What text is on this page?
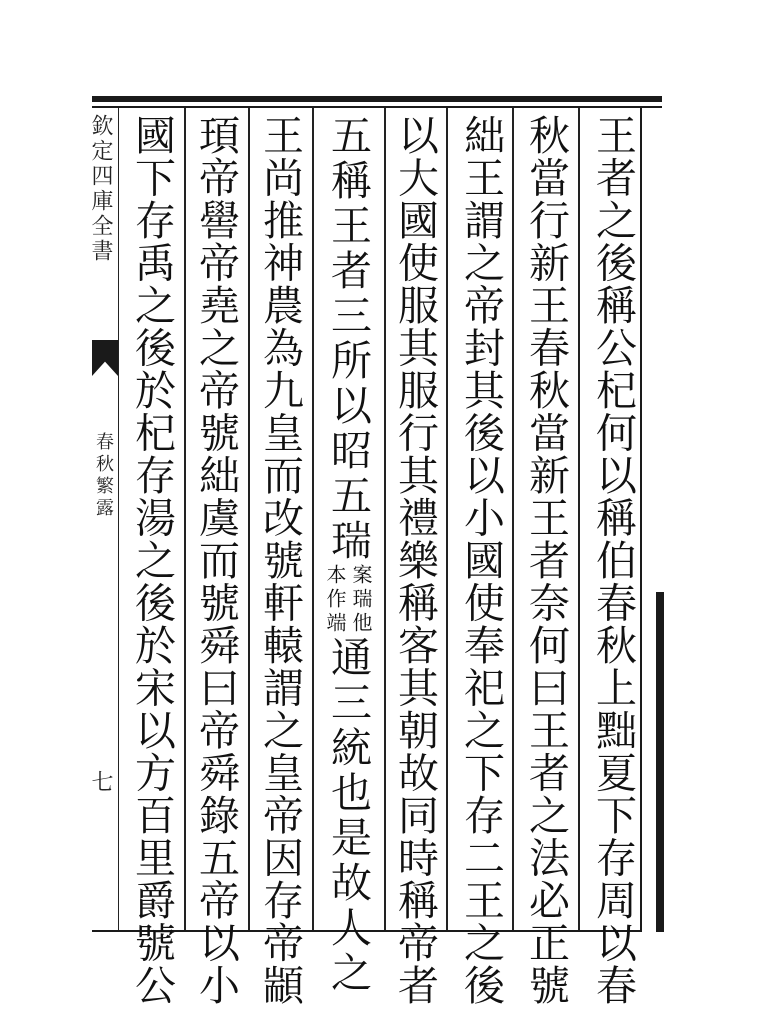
欽定四庫全書
春秋繁露
七	王者之後稱公杞何以稱伯春秋上黜夏下存周以春
秋當行新王春秋當新王者奈何曰王者之法必正號
絀王謂之帝封其後以小國使奉祀之下存二王之後
以大國使服其服行其禮樂稱客其朝故同時稱帝者
五稱王者三所以昭五瑞
案瑞他
本作端
通三統也是故人之
王尚推神農為九皇而改號軒轅謂之皇帝因存帝顓
頊帝嚳帝堯之帝號絀虞而號舜曰帝舜錄五帝以小
國下存禹之後於杞存湯之後於宋以方百里爵號公
